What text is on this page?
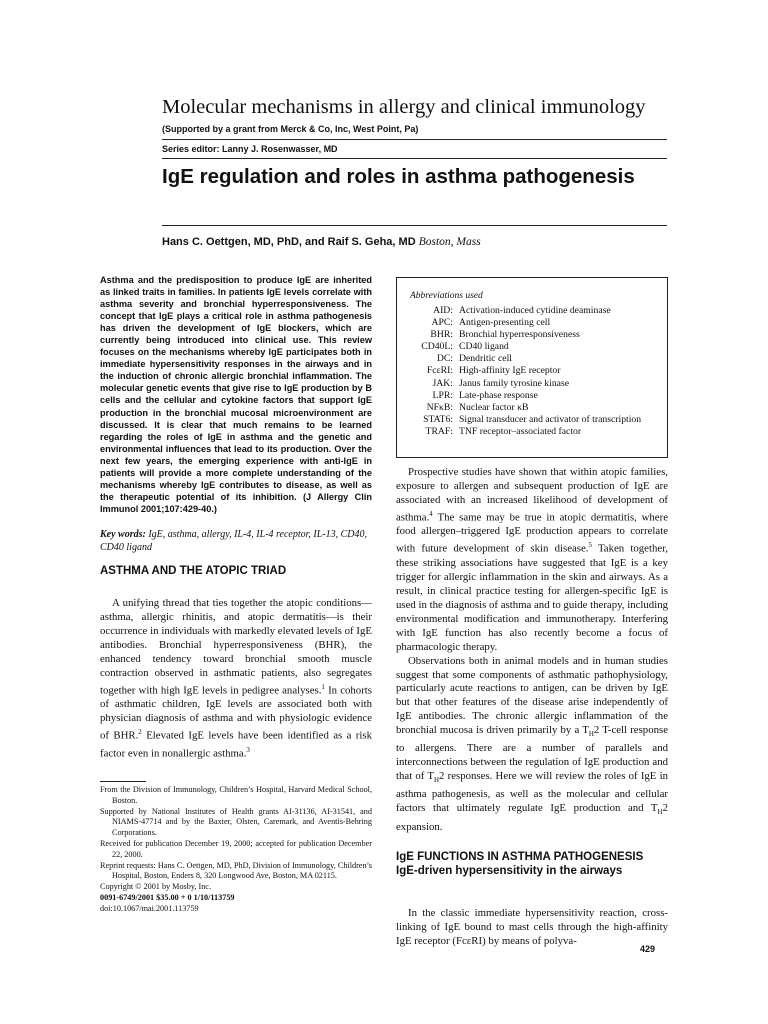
Molecular mechanisms in allergy and clinical immunology
(Supported by a grant from Merck & Co, Inc, West Point, Pa)
Series editor: Lanny J. Rosenwasser, MD
IgE regulation and roles in asthma pathogenesis
Hans C. Oettgen, MD, PhD, and Raif S. Geha, MD Boston, Mass
Asthma and the predisposition to produce IgE are inherited as linked traits in families. In patients IgE levels correlate with asthma severity and bronchial hyperresponsiveness. The concept that IgE plays a critical role in asthma pathogenesis has driven the development of IgE blockers, which are currently being introduced into clinical use. This review focuses on the mechanisms whereby IgE participates both in immediate hypersensitivity responses in the airways and in the induction of chronic allergic bronchial inflammation. The molecular genetic events that give rise to IgE production by B cells and the cellular and cytokine factors that support IgE production in the bronchial mucosal microenvironment are discussed. It is clear that much remains to be learned regarding the roles of IgE in asthma and the genetic and environmental influences that lead to its production. Over the next few years, the emerging experience with anti-IgE in patients will provide a more complete understanding of the mechanisms whereby IgE contributes to disease, as well as the therapeutic potential of its inhibition. (J Allergy Clin Immunol 2001;107:429-40.)
Key words: IgE, asthma, allergy, IL-4, IL-4 receptor, IL-13, CD40, CD40 ligand
ASTHMA AND THE ATOPIC TRIAD
A unifying thread that ties together the atopic conditions—asthma, allergic rhinitis, and atopic dermatitis—is their occurrence in individuals with markedly elevated levels of IgE antibodies. Bronchial hyperresponsiveness (BHR), the enhanced tendency toward bronchial smooth muscle contraction observed in asthmatic patients, also segregates together with high IgE levels in pedigree analyses.$^1$ In cohorts of asthmatic children, IgE levels are associated both with physician diagnosis of asthma and with physiologic evidence of BHR.$^2$ Elevated IgE levels have been identified as a risk factor even in nonallergic asthma.$^3$

From the Division of Immunology, Children’s Hospital, Harvard Medical School, Boston.

Supported by National Institutes of Health grants AI-31136, AI-31541, and NIAMS-47714 and by the Baxter, Olsten, Caremark, and Aventis-Behring Corporations.

Received for publication December 19, 2000; accepted for publication December 22, 2000.

Reprint requests: Hans C. Oettgen, MD, PhD, Division of Immunology, Children’s Hospital, Boston, Enders 8, 320 Longwood Ave, Boston, MA 02115.

Copyright © 2001 by Mosby, Inc.

0091-6749/2001 $35.00 + 0 1/10/113759

doi:10.1067/mai.2001.113759

Abbreviations used
AID: Activation-induced cytidine deaminase
APC: Antigen-presenting cell
BHR: Bronchial hyperresponsiveness
CD40L: CD40 ligand
DC: Dendritic cell
FcεRI: High-affinity IgE receptor
JAK: Janus family tyrosine kinase
LPR: Late-phase response
NFκB: Nuclear factor κB
STAT6: Signal transducer and activator of transcription
TRAF: TNF receptor–associated factor

Prospective studies have shown that within atopic families, exposure to allergen and subsequent production of IgE are associated with an increased likelihood of development of asthma.$^4$ The same may be true in atopic dermatitis, where food allergen–triggered IgE production appears to correlate with future development of skin disease.$^5$ Taken together, these striking associations have suggested that IgE is a key trigger for allergic inflammation in the skin and airways. As a result, in clinical practice testing for allergen-specific IgE is used in the diagnosis of asthma and to guide therapy, including environmental modification and immunotherapy. Interfering with IgE function has also recently become a focus of pharmacologic therapy.

Observations both in animal models and in human studies suggest that some components of asthmatic pathophysiology, particularly acute reactions to antigen, can be driven by IgE but that other features of the disease arise independently of IgE antibodies. The chronic allergic inflammation of the bronchial mucosa is driven primarily by a $T_H2$ T-cell response to allergens. There are a number of parallels and interconnections between the regulation of IgE production and that of $T_H2$ responses. Here we will review the roles of IgE in asthma pathogenesis, as well as the molecular and cellular factors that ultimately regulate IgE production and $T_H2$ expansion.

IgE FUNCTIONS IN ASTHMA PATHOGENESIS
IgE-driven hypersensitivity in the airways
In the classic immediate hypersensitivity reaction, cross-linking of IgE bound to mast cells through the high-affinity IgE receptor (FcεRI) by means of polyva-
429
